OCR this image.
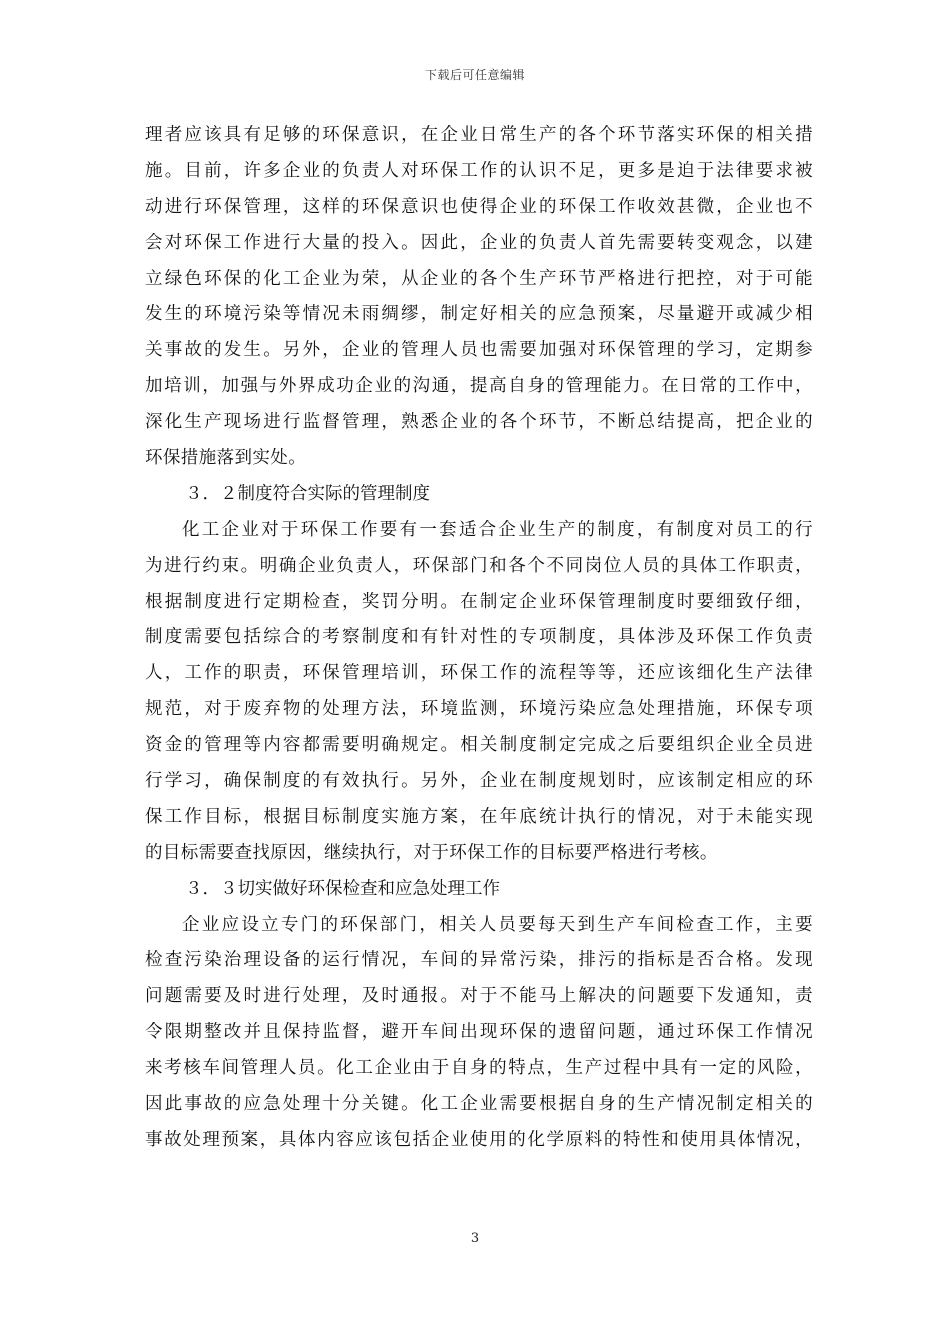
下载后可任意编辑
理者应该具有足够的环保意识，在企业日常生产的各个环节落实环保的相关措
施。目前，许多企业的负责人对环保工作的认识不足，更多是迫于法律要求被
动进行环保管理，这样的环保意识也使得企业的环保工作收效甚微，企业也不
会对环保工作进行大量的投入。因此，企业的负责人首先需要转变观念，以建
立绿色环保的化工企业为荣，从企业的各个生产环节严格进行把控，对于可能
发生的环境污染等情况未雨绸缪，制定好相关的应急预案，尽量避开或减少相
关事故的发生。另外，企业的管理人员也需要加强对环保管理的学习，定期参
加培训，加强与外界成功企业的沟通，提高自身的管理能力。在日常的工作中，
深化生产现场进行监督管理，熟悉企业的各个环节，不断总结提高，把企业的
环保措施落到实处。
３．２制度符合实际的管理制度
化工企业对于环保工作要有一套适合企业生产的制度，有制度对员工的行
为进行约束。明确企业负责人，环保部门和各个不同岗位人员的具体工作职责，
根据制度进行定期检查，奖罚分明。在制定企业环保管理制度时要细致仔细，
制度需要包括综合的考察制度和有针对性的专项制度，具体涉及环保工作负责
人，工作的职责，环保管理培训，环保工作的流程等等，还应该细化生产法律
规范，对于废弃物的处理方法，环境监测，环境污染应急处理措施，环保专项
资金的管理等内容都需要明确规定。相关制度制定完成之后要组织企业全员进
行学习，确保制度的有效执行。另外，企业在制度规划时，应该制定相应的环
保工作目标，根据目标制度实施方案，在年底统计执行的情况，对于未能实现
的目标需要查找原因，继续执行，对于环保工作的目标要严格进行考核。
３．３切实做好环保检查和应急处理工作
企业应设立专门的环保部门，相关人员要每天到生产车间检查工作，主要
检查污染治理设备的运行情况，车间的异常污染，排污的指标是否合格。发现
问题需要及时进行处理，及时通报。对于不能马上解决的问题要下发通知，责
令限期整改并且保持监督，避开车间出现环保的遗留问题，通过环保工作情况
来考核车间管理人员。化工企业由于自身的特点，生产过程中具有一定的风险，
因此事故的应急处理十分关键。化工企业需要根据自身的生产情况制定相关的
事故处理预案，具体内容应该包括企业使用的化学原料的特性和使用具体情况，
3
